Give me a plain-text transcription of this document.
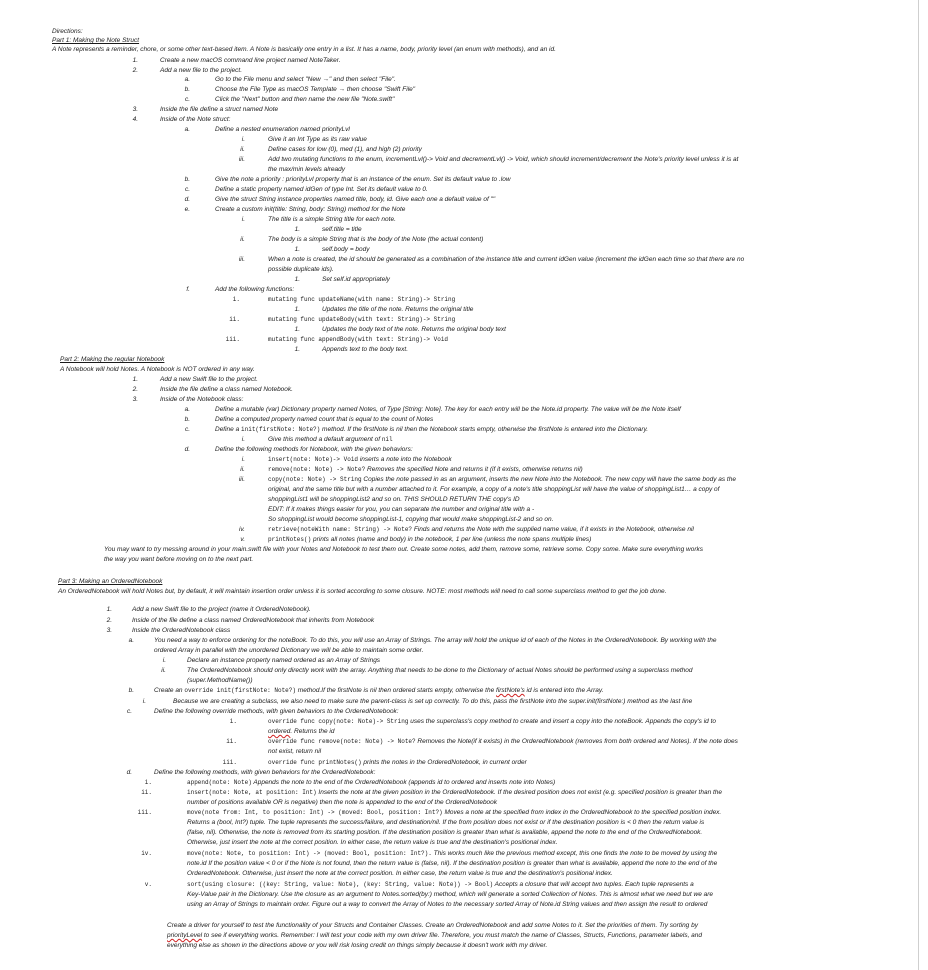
Directions:
Part 1: Making the Note Struct
A Note represents a reminder, chore, or some other text-based item. A Note is basically one entry in a list. It has a name, body, priority level (an enum with methods), and an id.
1.	Create a new macOS command line project named NoteTaker.
2.	Add a new file to the project.
a.	Go to the File menu and select "New →" and then select "File".
b.	Choose the File Type as macOS Template → then choose "Swift File"
c.	Click the "Next" button and then name the new file "Note.swift"
3.	Inside the file define a struct named Note
4.	Inside of the Note struct:
a.	Define a nested enumeration named priorityLvl
i.	Give it an Int Type as its raw value
ii.	Define cases for low (0), med (1), and high (2) priority
iii.	Add two mutating functions to the enum, incrementLvl()-> Void and decrementLvl() -> Void, which should increment/decrement the Note's priority level unless it is at
the max/min levels already
b.	Give the note a priority : priorityLvl property that is an instance of the enum. Set its default value to .low
c.	Define a static property named idGen of type Int. Set its default value to 0.
d.	Give the struct String instance properties named title, body, id. Give each one a default value of ""
e.	Create a custom init(title: String, body: String) method for the Note
i.	The title is a simple String title for each note.
1.	self.title = title
ii.	The body is a simple String that is the body of the Note (the actual content)
1.	self.body = body
iii.	When a note is created, the id should be generated as a combination of the instance title and current idGen value (increment the idGen each time so that there are no
possible duplicate ids).
1.	Set self.id appropriately
f.	Add the following functions:
i.	mutating func updateName(with name: String)-> String
1.	Updates the title of the note. Returns the original title
ii.	mutating func updateBody(with text: String)-> String
1.	Updates the body text of the note. Returns the original body text
iii.	mutating func appendBody(with text: String)-> Void
1.	Appends text to the body text.
Part 2: Making the regular Notebook
A Notebook will hold Notes. A Notebook is NOT ordered in any way.
1.	Add a new Swift file to the project.
2.	Inside the file define a class named Notebook.
3.	Inside of the Notebook class:
a.	Define a mutable (var) Dictionary property named Notes, of Type [String: Note]. The key for each entry will be the Note.id property. The value will be the Note itself
b.	Define a computed property named count that is equal to the count of Notes
c.	Define a init(firstNote: Note?) method. If the firstNote is nil then the Notebook starts empty, otherwise the firstNote is entered into the Dictionary.
i.	Give this method a default argument of nil
d.	Define the following methods for Notebook, with the given behaviors:
i.	insert(note: Note)-> Void inserts a note into the Notebook
ii.	remove(note: Note) -> Note? Removes the specified Note and returns it (if it exists, otherwise returns nil)
iii.	copy(note: Note) -> String Copies the note passed in as an argument, inserts the new Note into the Notebook. The new copy will have the same body as the
original, and the same title but with a number attached to it. For example, a copy of a note's title shoppingList will have the value of shoppingList1… a copy of
shoppingList1 will be shoppingList2 and so on. THIS SHOULD RETURN THE copy's ID
EDIT: If it makes things easier for you, you can separate the number and original title with a -
So shoppingList would become shoppingList-1, copying that would make shoppingList-2 and so on.
iv.	retrieve(noteWith name: String) -> Note? Finds and returns the Note with the supplied name value, if it exists in the Notebook, otherwise nil
v.	printNotes() prints all notes (name and body) in the notebook, 1 per line (unless the note spans multiple lines)
You may want to try messing around in your main.swift file with your Notes and Notebook to test them out. Create some notes, add them, remove some, retrieve some. Copy some. Make sure everything works
the way you want before moving on to the next part.
Part 3: Making an OrderedNotebook
An OrderedNotebook will hold Notes but, by default, it will maintain insertion order unless it is sorted according to some closure. NOTE: most methods will need to call some superclass method to get the job done.
1.	Add a new Swift file to the project (name it OrderedNotebook).
2.	Inside of the file define a class named OrderedNotebook that inherits from Notebook
3.	Inside the OrderedNotebook class
a.	You need a way to enforce ordering for the noteBook. To do this, you will use an Array of Strings. The array will hold the unique id of each of the Notes in the OrderedNotebook. By working with the
ordered Array in parallel with the unordered Dictionary we will be able to maintain some order.
i.	Declare an instance property named ordered as an Array of Strings
ii.	The OrderedNotebook should only directly work with the array. Anything that needs to be done to the Dictionary of actual Notes should be performed using a superclass method
(super.MethodName())
b.	Create an override init(firstNote: Note?) method.If the firstNote is nil then ordered starts empty, otherwise the firstNote's id is entered into the Array.
i.	Because we are creating a subclass, we also need to make sure the parent-class is set up correctly. To do this, pass the firstNote into the super.init(firstNote:) method as the last line
c.	Define the following override methods, with given behaviors to the OrderedNotebook:
i.	override func copy(note: Note)-> String uses the superclass's copy method to create and insert a copy into the noteBook. Appends the copy's id to
ordered. Returns the id
ii.	override func remove(note: Note) -> Note? Removes the Note(if it exists) in the OrderedNotebook (removes from both ordered and Notes). If the note does
not exist, return nil
iii.	override func printNotes() prints the notes in the OrderedNotebook, in current order
d.	Define the following methods, with given behaviors for the OrderedNotebook:
i.	append(note: Note) Appends the note to the end of the OrderedNotebook (appends id to ordered and inserts note into Notes)
ii.	insert(note: Note, at position: Int) Inserts the note at the given position in the OrderedNotebook. If the desired position does not exist (e.g. specified position is greater than the
number of positions available OR is negative) then the note is appended to the end of the OrderedNotebook
iii.	move(note from: Int, to position: Int) -> (moved: Bool, position: Int?) Moves a note at the specified from index in the OrderedNotebook to the specified position index.
Returns a (bool, Int?) tuple. The tuple represents the success/failure, and destination/nil. If the from position does not exist or if the destination position is < 0 then the return value is
(false, nil). Otherwise, the note is removed from its starting position. If the destination position is greater than what is available, append the note to the end of the OrderedNotebook.
Otherwise, just insert the note at the correct position. In either case, the return value is true and the destination's positional index.
iv.	move(note: Note, to position: Int) -> (moved: Bool, position: Int?). This works much like the previous method except, this one finds the note to be moved by using the
note.id If the position value < 0 or if the Note is not found, then the return value is (false, nil). If the destination position is greater than what is available, append the note to the end of the
OrderedNotebook. Otherwise, just insert the note at the correct position. In either case, the return value is true and the destination's positional index.
v.	sort(using closure: ((key: String, value: Note), (key: String, value: Note)) -> Bool) Accepts a closure that will accept two tuples. Each tuple represents a
Key-Value pair in the Dictionary. Use the closure as an argument to Notes.sorted(by:) method, which will generate a sorted Collection of Notes. This is almost what we need but we are
using an Array of Strings to maintain order. Figure out a way to convert the Array of Notes to the necessary sorted Array of Note.id String values and then assign the result to ordered
Create a driver for yourself to test the functionality of your Structs and Container Classes. Create an OrderedNotebook and add some Notes to it. Set the priorities of them. Try sorting by
priorityLevel to see if everything works. Remember: I will test your code with my own driver file. Therefore, you must match the name of Classes, Structs, Functions, parameter labels, and
everything else as shown in the directions above or you will risk losing credit on things simply because it doesn't work with my driver.
